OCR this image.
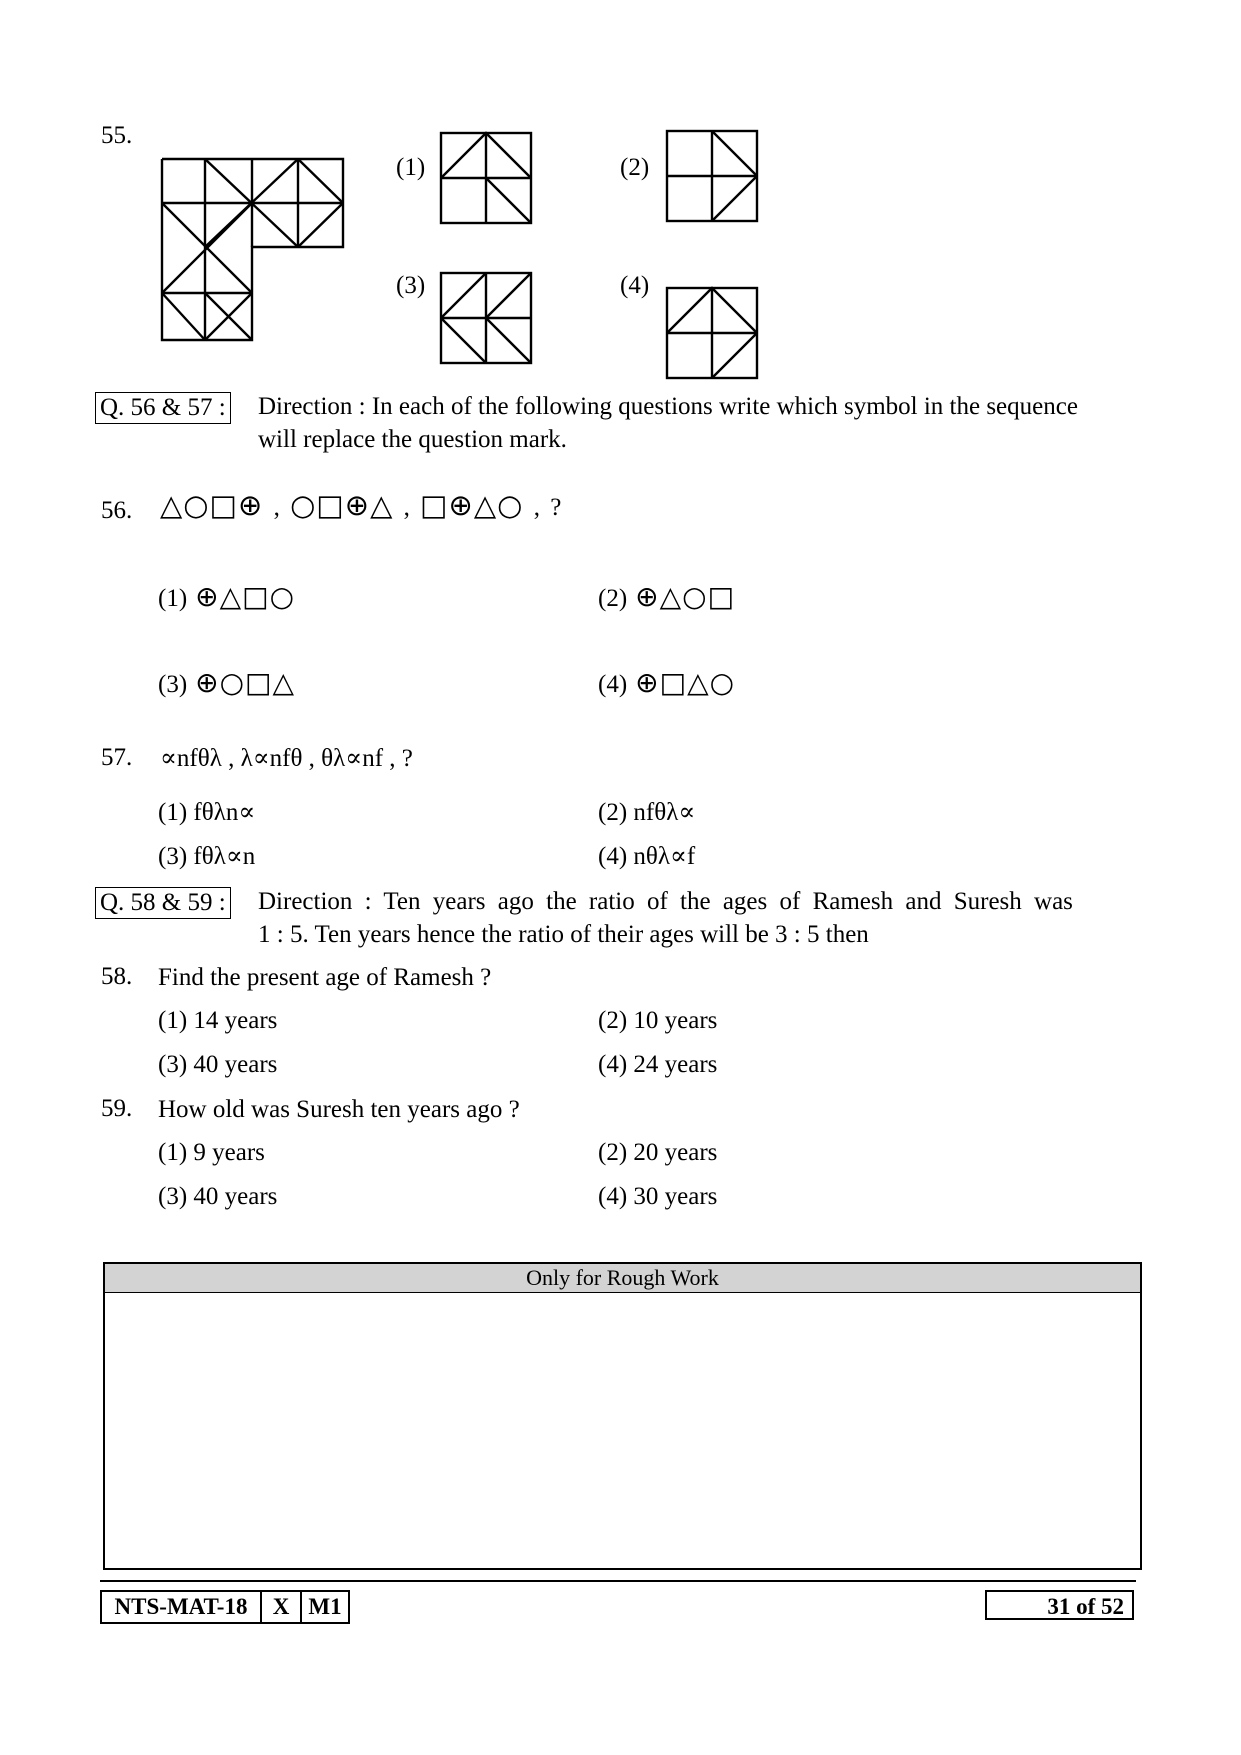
55.
(1)	(2)
(3)	(4)
Q. 56 & 57 : Direction : In each of the following questions write which symbol in the sequence
will replace the question mark.
56. △○□⊕  ,  ○□⊕△  ,  □⊕△○  ,  ?
(1) ⊕△□○	(2) ⊕△○□
(3) ⊕○□△	(4) ⊕□△○
57. ∝nfθλ , λ∝nfθ , θλ∝nf , ?
(1) fθλn∝	(2) nfθλ∝
(3) fθλ∝n	(4) nθλ∝f
Q. 58 & 59 : Direction : Ten years ago the ratio of the ages of Ramesh and Suresh was
1 : 5. Ten years hence the ratio of their ages will be 3 : 5 then
58. Find the present age of Ramesh ?
(1) 14 years	(2) 10 years
(3) 40 years	(4) 24 years
59. How old was Suresh ten years ago ?
(1) 9 years	(2) 20 years
(3) 40 years	(4) 30 years
Only for Rough Work
NTS-MAT-18	X M1	31 of 52
